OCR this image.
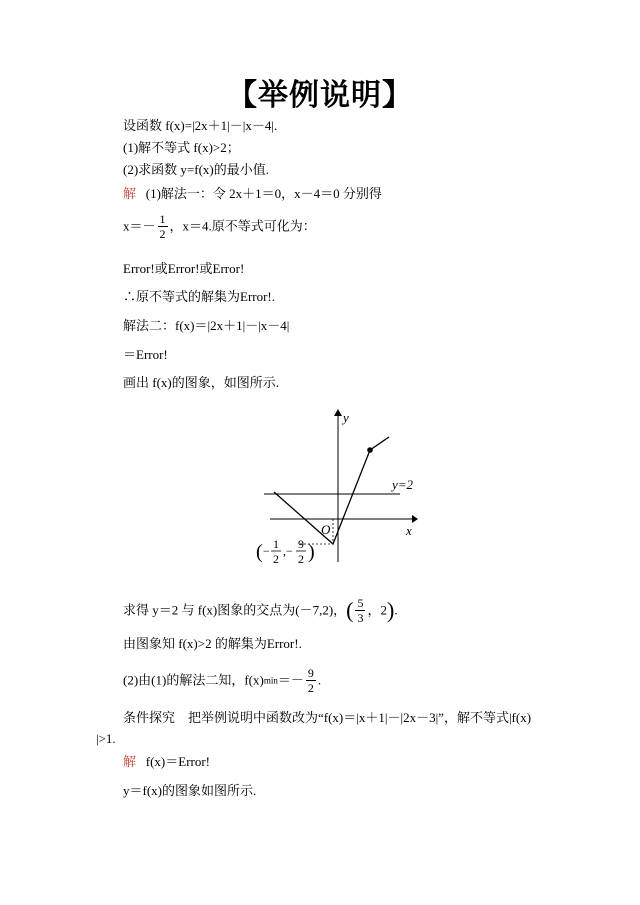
【举例说明】
设函数 f(x)=|2x＋1|－|x－4|.
(1)解不等式 f(x)>2；
(2)求函数 y=f(x)的最小值.
解 (1)解法一：令 2x＋1＝0，x－4＝0 分别得
$x=- \frac{1}{2}$ ，x＝4.原不等式可化为：
Error!或Error!或Error!
∴原不等式的解集为Error!.
解法二：f(x)＝|2x＋1|－|x－4|
＝Error!
画出 f(x)的图象，如图所示.
y
x
O
y=2
( − 1
2
,− 9
2 )
求得 y＝2 与 f(x)图象的交点为(－7,2)，( $\frac{5}{3}$ ，2).
由图象知 f(x)>2 的解集为Error!.
(2)由(1)的解法二知，$f(x)\min=- \frac{9}{2}$ .
条件探究　把举例说明中函数改为“f(x)＝|x＋1|－|2x－3|”，解不等式|f(x)
|>1.
解 f(x)＝Error!
y＝f(x)的图象如图所示.
